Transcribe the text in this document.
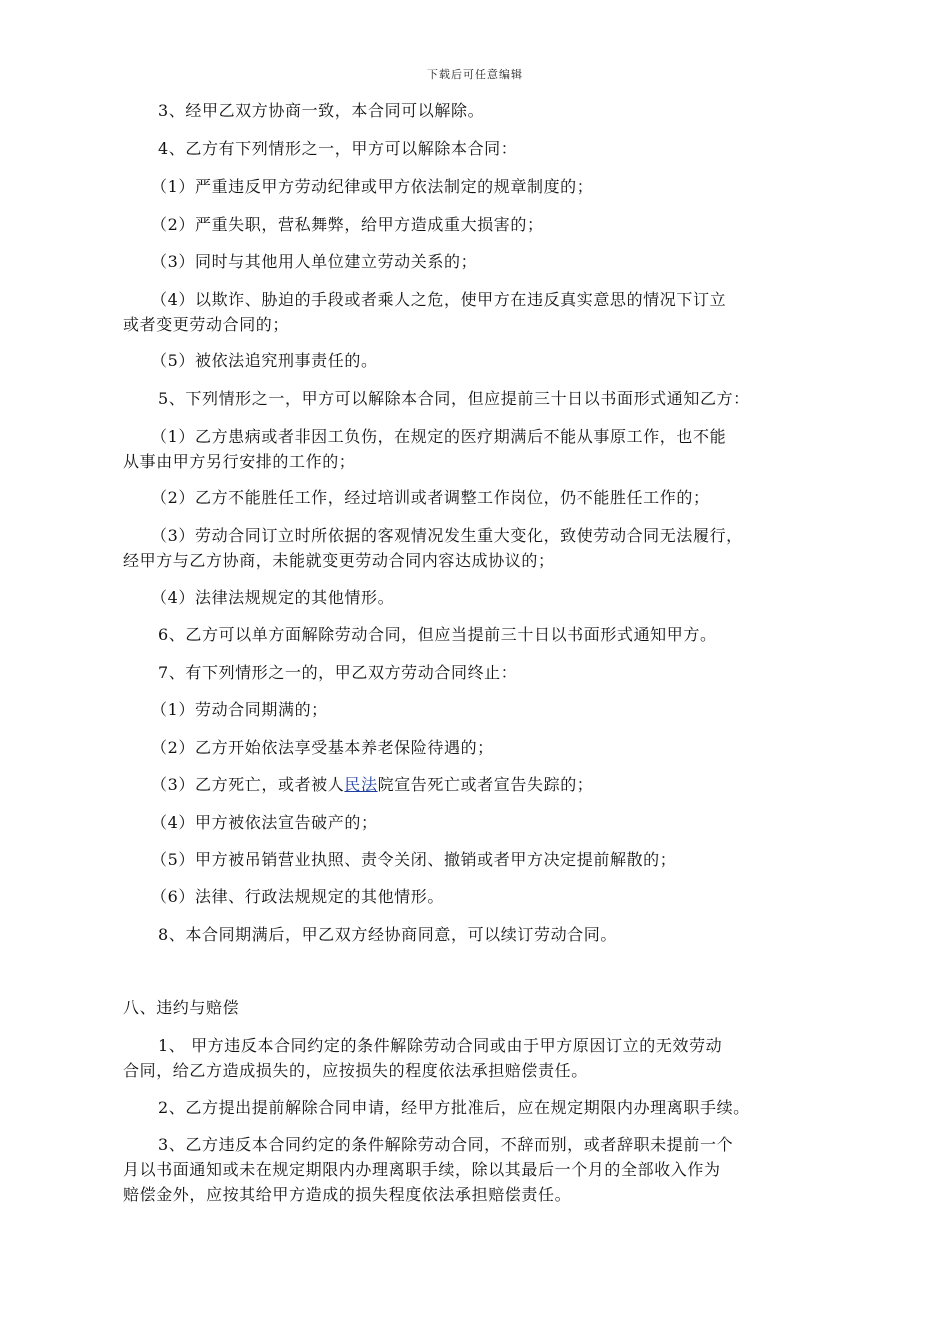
下载后可任意编辑
3、经甲乙双方协商一致，本合同可以解除。
4、乙方有下列情形之一，甲方可以解除本合同：
（1）严重违反甲方劳动纪律或甲方依法制定的规章制度的；
（2）严重失职，营私舞弊，给甲方造成重大损害的；
（3）同时与其他用人单位建立劳动关系的；
（4）以欺诈、胁迫的手段或者乘人之危，使甲方在违反真实意思的情况下订立
或者变更劳动合同的；
（5）被依法追究刑事责任的。
5、下列情形之一，甲方可以解除本合同，但应提前三十日以书面形式通知乙方：
（1）乙方患病或者非因工负伤，在规定的医疗期满后不能从事原工作，也不能
从事由甲方另行安排的工作的；
（2）乙方不能胜任工作，经过培训或者调整工作岗位，仍不能胜任工作的；
（3）劳动合同订立时所依据的客观情况发生重大变化，致使劳动合同无法履行，
经甲方与乙方协商，未能就变更劳动合同内容达成协议的；
（4）法律法规规定的其他情形。
6、乙方可以单方面解除劳动合同，但应当提前三十日以书面形式通知甲方。
7、有下列情形之一的，甲乙双方劳动合同终止：
（1）劳动合同期满的；
（2）乙方开始依法享受基本养老保险待遇的；
（3）乙方死亡，或者被人民法院宣告死亡或者宣告失踪的；
（4）甲方被依法宣告破产的；
（5）甲方被吊销营业执照、责令关闭、撤销或者甲方决定提前解散的；
（6）法律、行政法规规定的其他情形。
8、本合同期满后，甲乙双方经协商同意，可以续订劳动合同。
八、违约与赔偿
1、 甲方违反本合同约定的条件解除劳动合同或由于甲方原因订立的无效劳动
合同，给乙方造成损失的，应按损失的程度依法承担赔偿责任。
2、乙方提出提前解除合同申请，经甲方批准后，应在规定期限内办理离职手续。
3、乙方违反本合同约定的条件解除劳动合同，不辞而别，或者辞职未提前一个
月以书面通知或未在规定期限内办理离职手续，除以其最后一个月的全部收入作为
赔偿金外，应按其给甲方造成的损失程度依法承担赔偿责任。
